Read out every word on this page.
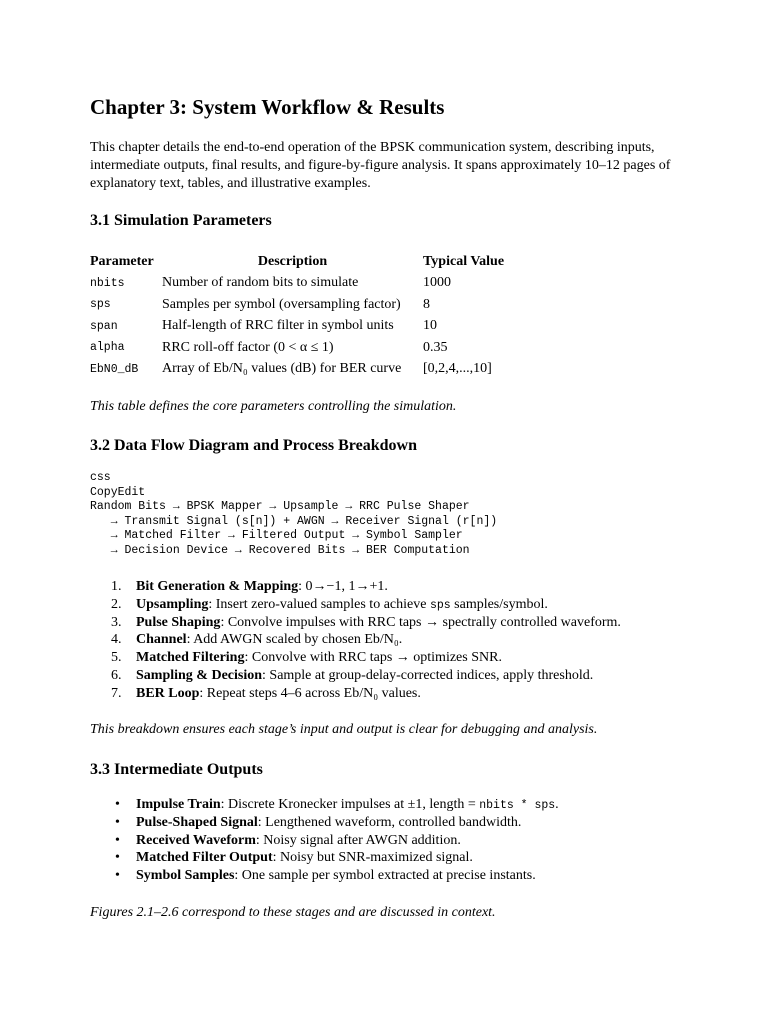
Chapter 3: System Workflow & Results

This chapter details the end-to-end operation of the BPSK communication system, describing inputs, intermediate outputs, final results, and figure-by-figure analysis. It spans approximately 10–12 pages of explanatory text, tables, and illustrative examples.

3.1 Simulation Parameters
Parameter	Description	Typical Value
nbits	Number of random bits to simulate	1000
sps	Samples per symbol (oversampling factor)	8
span	Half-length of RRC filter in symbol units	10
alpha	RRC roll-off factor (0 < α ≤ 1)	0.35
EbN0_dB	Array of Eb/N₀ values (dB) for BER curve	[0,2,4,...,10]

This table defines the core parameters controlling the simulation.

3.2 Data Flow Diagram and Process Breakdown
css
CopyEdit
Random Bits → BPSK Mapper → Upsample → RRC Pulse Shaper
→ Transmit Signal (s[n]) + AWGN → Receiver Signal (r[n])
→ Matched Filter → Filtered Output → Symbol Sampler
→ Decision Device → Recovered Bits → BER Computation
1. Bit Generation & Mapping: 0→−1, 1→+1.
2. Upsampling: Insert zero-valued samples to achieve sps samples/symbol.
3. Pulse Shaping: Convolve impulses with RRC taps → spectrally controlled waveform.
4. Channel: Add AWGN scaled by chosen Eb/N₀.
5. Matched Filtering: Convolve with RRC taps → optimizes SNR.
6. Sampling & Decision: Sample at group-delay-corrected indices, apply threshold.
7. BER Loop: Repeat steps 4–6 across Eb/N₀ values.

This breakdown ensures each stage’s input and output is clear for debugging and analysis.

3.3 Intermediate Outputs
• Impulse Train: Discrete Kronecker impulses at ±1, length = nbits * sps.
• Pulse-Shaped Signal: Lengthened waveform, controlled bandwidth.
• Received Waveform: Noisy signal after AWGN addition.
• Matched Filter Output: Noisy but SNR-maximized signal.
• Symbol Samples: One sample per symbol extracted at precise instants.

Figures 2.1–2.6 correspond to these stages and are discussed in context.
